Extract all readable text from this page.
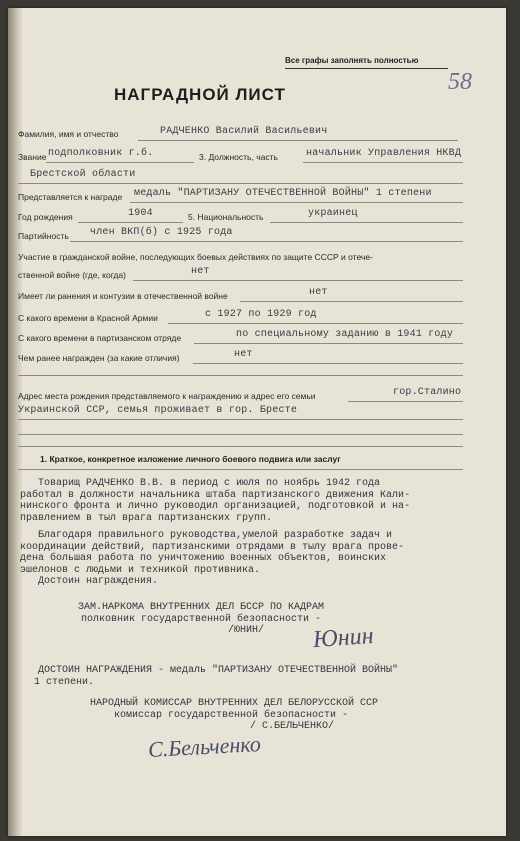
Все графы заполнять полностью
58
НАГРАДНОЙ ЛИСТ
Фамилия, имя и отчество	РАДЧЕНКО Василий Васильевич
Звание подполковник г.б.	3. Должность, часть	начальник Управления НКВД
Брестской области
Представляется к награде медаль "ПАРТИЗАНУ ОТЕЧЕСТВЕННОЙ ВОЙНЫ" 1 степени
Год рождения	1904	5. Национальность	украинец
Партийность член ВКП(б) с 1925 года
Участие в гражданской войне, последующих боевых действиях по защите СССР и отече-
ственной войне (где, когда)	нет
Имеет ли ранения и контузии в отечественной войне	нет
С какого времени в Красной Армии	с 1927 по 1929 год
С какого времени в партизанском отряде	по специальному заданию в 1941 году
Чем ранее награжден (за какие отличия)	нет
Адрес места рождения представляемого к награждению и адрес его семьи	гор.Сталино
Украинской ССР, семья проживает в гор. Бресте
1. Краткое, конкретное изложение личного боевого подвига или заслуг
Товарищ РАДЧЕНКО В.В. в период с июля по ноябрь 1942 года
работал в должности начальника штаба партизанского движения Кали-
нинского фронта и лично руководил организацией, подготовкой и на-
правлением в тыл врага партизанских групп.
Благодаря правильного руководства,умелой разработке задач и
координации действий, партизанскими отрядами в тылу врага прове-
дена большая работа по уничтожению военных объектов, воинских
эшелонов с людьми и техникой противника.
Достоин награждения.
ЗАМ.НАРКОМА ВНУТРЕННИХ ДЕЛ БССР ПО КАДРАМ
полковник государственной безопасности -
/ЮНИН/	Юнин
ДОСТОИН НАГРАЖДЕНИЯ - медаль "ПАРТИЗАНУ ОТЕЧЕСТВЕННОЙ ВОЙНЫ"
1 степени.
НАРОДНЫЙ КОМИССАР ВНУТРЕННИХ ДЕЛ БЕЛОРУССКОЙ ССР
комиссар государственной безопасности -
/ С.БЕЛЬЧЕНКО/
С.Бельченко
